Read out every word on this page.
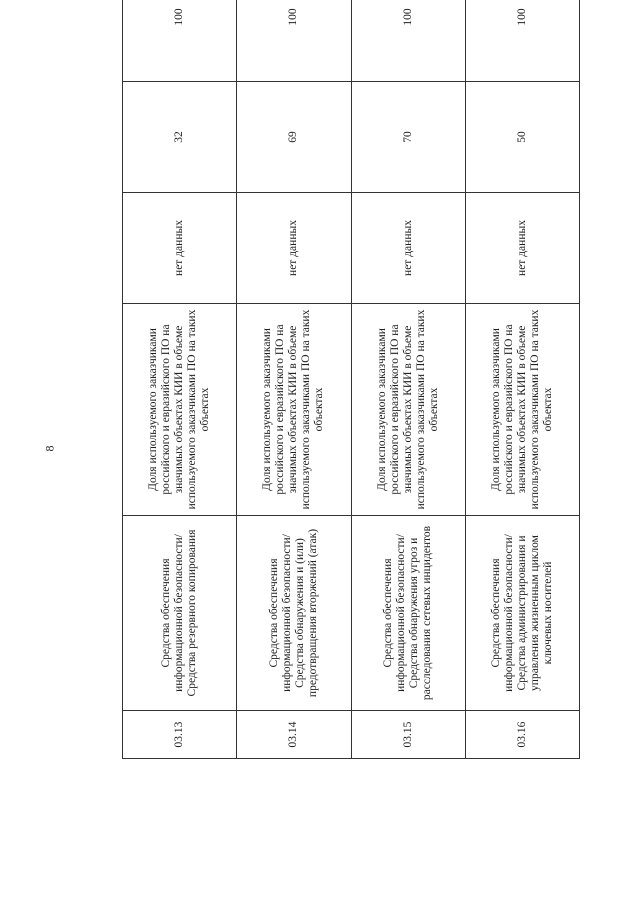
8
03.13	Средства обеспечения информационной безопасности/Средства резервного копирования	Доля используемого заказчиками российского и евразийского ПО на значимых объектах КИИ в объеме используемого заказчиками ПО на таких объектах	нет данных	32	100
03.14	Средства обеспечения информационной безопасности/Средства обнаружения и (или) предотвращения вторжений (атак)	Доля используемого заказчиками российского и евразийского ПО на значимых объектах КИИ в объеме используемого заказчиками ПО на таких объектах	нет данных	69	100
03.15	Средства обеспечения информационной безопасности/Средства обнаружения угроз и расследования сетевых инцидентов	Доля используемого заказчиками российского и евразийского ПО на значимых объектах КИИ в объеме используемого заказчиками ПО на таких объектах	нет данных	70	100
03.16	Средства обеспечения информационной безопасности/Средства администрирования и управления жизненным циклом ключевых носителей	Доля используемого заказчиками российского и евразийского ПО на значимых объектах КИИ в объеме используемого заказчиками ПО на таких объектах	нет данных	50	100
